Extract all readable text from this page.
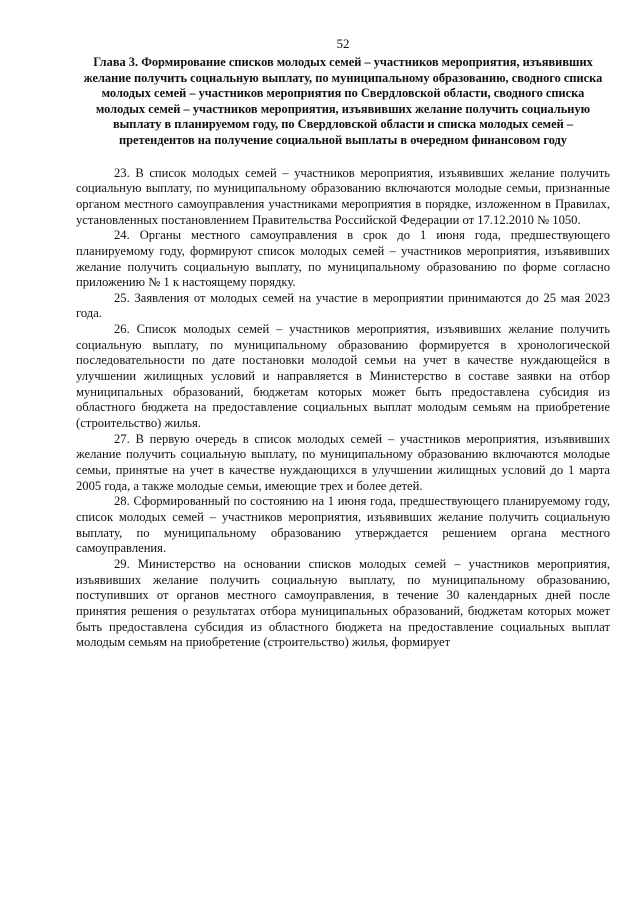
52
Глава 3. Формирование списков молодых семей – участников мероприятия, изъявивших желание получить социальную выплату, по муниципальному образованию, сводного списка молодых семей – участников мероприятия по Свердловской области, сводного списка молодых семей – участников мероприятия, изъявивших желание получить социальную выплату в планируемом году, по Свердловской области и списка молодых семей – претендентов на получение социальной выплаты в очередном финансовом году

23. В список молодых семей – участников мероприятия, изъявивших желание получить социальную выплату, по муниципальному образованию включаются молодые семьи, признанные органом местного самоуправления участниками мероприятия в порядке, изложенном в Правилах, установленных постановлением Правительства Российской Федерации от 17.12.2010 № 1050.

24. Органы местного самоуправления в срок до 1 июня года, предшествующего планируемому году, формируют список молодых семей – участников мероприятия, изъявивших желание получить социальную выплату, по муниципальному образованию по форме согласно приложению № 1 к настоящему порядку.

25. Заявления от молодых семей на участие в мероприятии принимаются до 25 мая 2023 года.

26. Список молодых семей – участников мероприятия, изъявивших желание получить социальную выплату, по муниципальному образованию формируется в хронологической последовательности по дате постановки молодой семьи на учет в качестве нуждающейся в улучшении жилищных условий и направляется в Министерство в составе заявки на отбор муниципальных образований, бюджетам которых может быть предоставлена субсидия из областного бюджета на предоставление социальных выплат молодым семьям на приобретение (строительство) жилья.

27. В первую очередь в список молодых семей – участников мероприятия, изъявивших желание получить социальную выплату, по муниципальному образованию включаются молодые семьи, принятые на учет в качестве нуждающихся в улучшении жилищных условий до 1 марта 2005 года, а также молодые семьи, имеющие трех и более детей.

28. Сформированный по состоянию на 1 июня года, предшествующего планируемому году, список молодых семей – участников мероприятия, изъявивших желание получить социальную выплату, по муниципальному образованию утверждается решением органа местного самоуправления.

29. Министерство на основании списков молодых семей – участников мероприятия, изъявивших желание получить социальную выплату, по муниципальному образованию, поступивших от органов местного самоуправления, в течение 30 календарных дней после принятия решения о результатах отбора муниципальных образований, бюджетам которых может быть предоставлена субсидия из областного бюджета на предоставление социальных выплат молодым семьям на приобретение (строительство) жилья, формирует
